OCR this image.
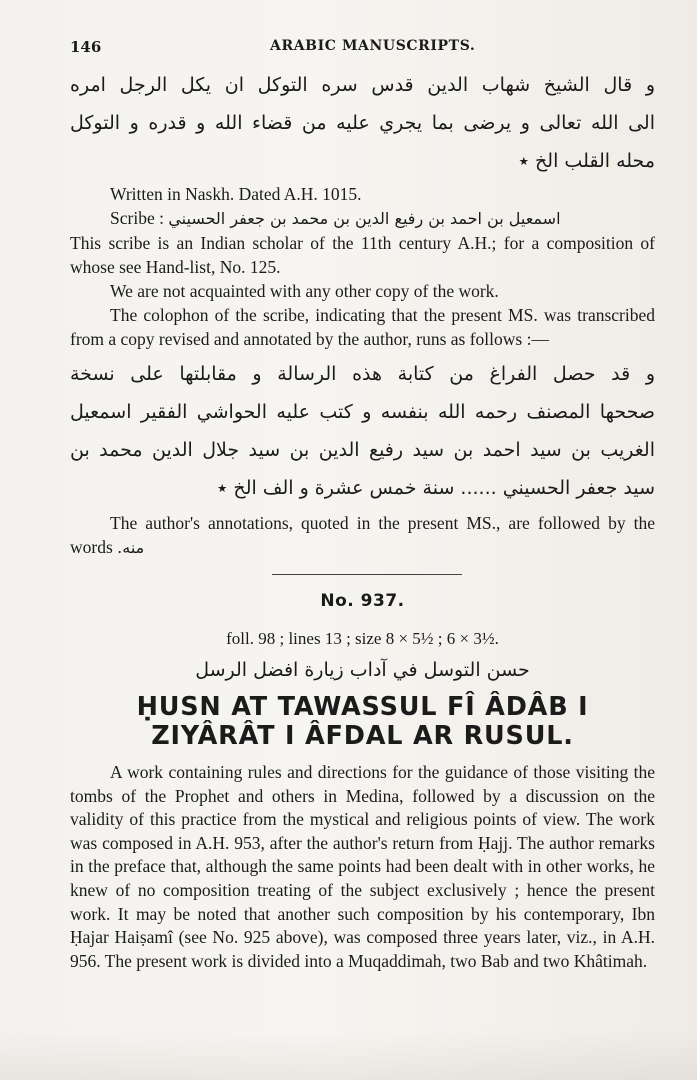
146	ARABIC MANUSCRIPTS.
و قال الشيخ شهاب الدين قدس سره التوكل ان يكل الرجل امره
الى الله تعالى و يرضى بما يجري عليه من قضاء الله و قدره و التوكل
محله القلب الخ ٭

Written in Naskh. Dated A.H. 1015.

Scribe : اسمعيل بن احمد بن رفيع الدين بن محمد بن جعفر الحسيني

This scribe is an Indian scholar of the 11th century A.H.; for a composition of whose see Hand-list, No. 125.

We are not acquainted with any other copy of the work.

The colophon of the scribe, indicating that the present MS. was transcribed from a copy revised and annotated by the author, runs as follows :—

و قد حصل الفراغ من كتابة هذه الرسالة و مقابلتها على نسخة
صححها المصنف رحمه الله بنفسه و كتب عليه الحواشي الفقير اسمعيل
الغريب بن سيد احمد بن سيد رفيع الدين بن سيد جلال الدين محمد بن
سيد جعفر الحسيني ...... سنة خمس عشرة و الف الخ ٭

The author's annotations, quoted in the present MS., are followed by the words منه.

No. 937.
foll. 98 ; lines 13 ; size 8 × 5½ ; 6 × 3½.
حسن التوسل في آداب زيارة افضل الرسل
ḤUSN AT TAWASSUL FÎ ÂDÂB I
ZIYÂRÂT I ÂFDAL AR RUSUL.

A work containing rules and directions for the guidance of those visiting the tombs of the Prophet and others in Medina, followed by a discussion on the validity of this practice from the mystical and religious points of view. The work was composed in A.H. 953, after the author's return from Ḥajj. The author remarks in the preface that, although the same points had been dealt with in other works, he knew of no composition treating of the subject exclusively ; hence the present work. It may be noted that another such composition by his contemporary, Ibn Ḥajar Haiṣamî (see No. 925 above), was composed three years later, viz., in A.H. 956. The present work is divided into a Muqaddimah, two Bab and two Khâtimah.
